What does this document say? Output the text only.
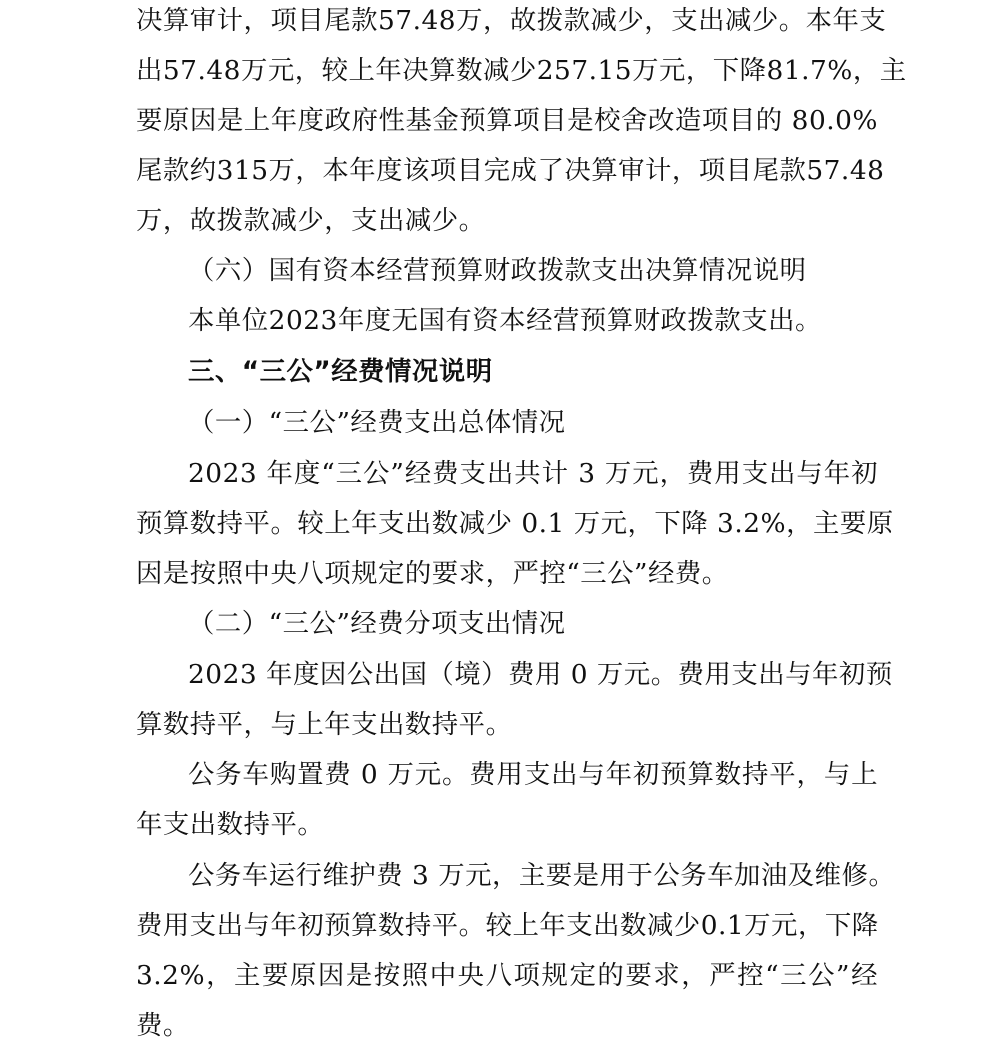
决算审计，项目尾款57.48万，故拨款减少，支出减少。本年支
出57.48万元，较上年决算数减少257.15万元，下降81.7%，主
要原因是上年度政府性基金预算项目是校舍改造项目的 80.0%
尾款约315万，本年度该项目完成了决算审计，项目尾款57.48
万，故拨款减少，支出减少。
（六）国有资本经营预算财政拨款支出决算情况说明
本单位2023年度无国有资本经营预算财政拨款支出。
三、“三公”经费情况说明
（一）“三公”经费支出总体情况
2023 年度“三公”经费支出共计 3 万元，费用支出与年初
预算数持平。较上年支出数减少 0.1 万元，下降 3.2%，主要原
因是按照中央八项规定的要求，严控“三公”经费。
（二）“三公”经费分项支出情况
2023 年度因公出国（境）费用 0 万元。费用支出与年初预
算数持平，与上年支出数持平。
公务车购置费 0 万元。费用支出与年初预算数持平，与上
年支出数持平。
公务车运行维护费 3 万元，主要是用于公务车加油及维修。
费用支出与年初预算数持平。较上年支出数减少0.1万元，下降
3.2%，主要原因是按照中央八项规定的要求，严控“三公”经
费。
